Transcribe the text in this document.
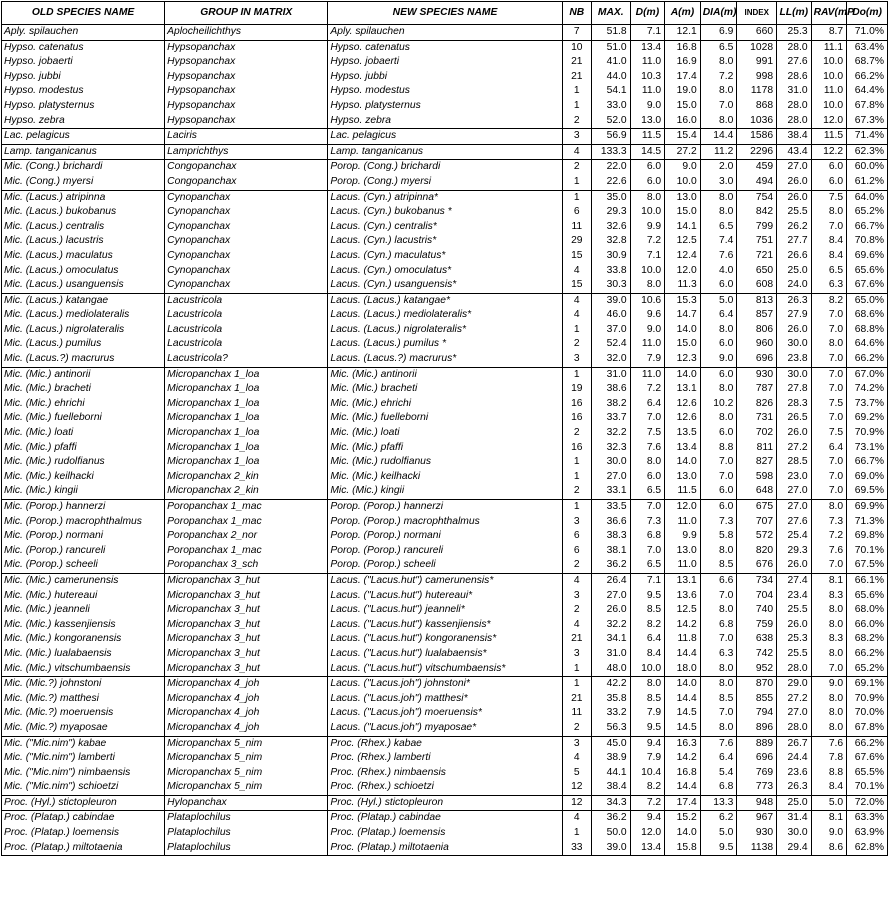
OLD SPECIES NAME	GROUP IN MATRIX	NEW SPECIES NAME	NB	MAX.	D(m)	A(m)	DIA(m)	INDEX	LL(m)	RAV(mP	Do(m)
Aply. spilauchen	Aplocheilichthys	Aply. spilauchen	7	51.8	7.1	12.1	6.9	660	25.3	8.7	71.0%
Hypso. catenatus	Hypsopanchax	Hypso. catenatus	10	51.0	13.4	16.8	6.5	1028	28.0	11.1	63.4%
Hypso. jobaerti	Hypsopanchax	Hypso. jobaerti	21	41.0	11.0	16.9	8.0	991	27.6	10.0	68.7%
Hypso. jubbi	Hypsopanchax	Hypso. jubbi	21	44.0	10.3	17.4	7.2	998	28.6	10.0	66.2%
Hypso. modestus	Hypsopanchax	Hypso. modestus	1	54.1	11.0	19.0	8.0	1178	31.0	11.0	64.4%
Hypso. platysternus	Hypsopanchax	Hypso. platysternus	1	33.0	9.0	15.0	7.0	868	28.0	10.0	67.8%
Hypso. zebra	Hypsopanchax	Hypso. zebra	2	52.0	13.0	16.0	8.0	1036	28.0	12.0	67.3%
Lac. pelagicus	Laciris	Lac. pelagicus	3	56.9	11.5	15.4	14.4	1586	38.4	11.5	71.4%
Lamp. tanganicanus	Lamprichthys	Lamp. tanganicanus	4	133.3	14.5	27.2	11.2	2296	43.4	12.2	62.3%
Mic. (Cong.) brichardi	Congopanchax	Porop. (Cong.) brichardi	2	22.0	6.0	9.0	2.0	459	27.0	6.0	60.0%
Mic. (Cong.) myersi	Congopanchax	Porop. (Cong.) myersi	1	22.6	6.0	10.0	3.0	494	26.0	6.0	61.2%
Mic. (Lacus.) atripinna	Cynopanchax	Lacus. (Cyn.) atripinna*	1	35.0	8.0	13.0	8.0	754	26.0	7.5	64.0%
Mic. (Lacus.) bukobanus	Cynopanchax	Lacus. (Cyn.) bukobanus *	6	29.3	10.0	15.0	8.0	842	25.5	8.0	65.2%
Mic. (Lacus.) centralis	Cynopanchax	Lacus. (Cyn.) centralis*	11	32.6	9.9	14.1	6.5	799	26.2	7.0	66.7%
Mic. (Lacus.) lacustris	Cynopanchax	Lacus. (Cyn.) lacustris*	29	32.8	7.2	12.5	7.4	751	27.7	8.4	70.8%
Mic. (Lacus.) maculatus	Cynopanchax	Lacus. (Cyn.) maculatus*	15	30.9	7.1	12.4	7.6	721	26.6	8.4	69.6%
Mic. (Lacus.) omoculatus	Cynopanchax	Lacus. (Cyn.) omoculatus*	4	33.8	10.0	12.0	4.0	650	25.0	6.5	65.6%
Mic. (Lacus.) usanguensis	Cynopanchax	Lacus. (Cyn.) usanguensis*	15	30.3	8.0	11.3	6.0	608	24.0	6.3	67.6%
Mic. (Lacus.) katangae	Lacustricola	Lacus. (Lacus.) katangae*	4	39.0	10.6	15.3	5.0	813	26.3	8.2	65.0%
Mic. (Lacus.) mediolateralis	Lacustricola	Lacus. (Lacus.) mediolateralis*	4	46.0	9.6	14.7	6.4	857	27.9	7.0	68.6%
Mic. (Lacus.) nigrolateralis	Lacustricola	Lacus. (Lacus.) nigrolateralis*	1	37.0	9.0	14.0	8.0	806	26.0	7.0	68.8%
Mic. (Lacus.) pumilus	Lacustricola	Lacus. (Lacus.) pumilus *	2	52.4	11.0	15.0	6.0	960	30.0	8.0	64.6%
Mic. (Lacus.?) macrurus	Lacustricola?	Lacus. (Lacus.?) macrurus*	3	32.0	7.9	12.3	9.0	696	23.8	7.0	66.2%
Mic. (Mic.) antinorii	Micropanchax 1_loa	Mic. (Mic.) antinorii	1	31.0	11.0	14.0	6.0	930	30.0	7.0	67.0%
Mic. (Mic.) bracheti	Micropanchax 1_loa	Mic. (Mic.) bracheti	19	38.6	7.2	13.1	8.0	787	27.8	7.0	74.2%
Mic. (Mic.) ehrichi	Micropanchax 1_loa	Mic. (Mic.) ehrichi	16	38.2	6.4	12.6	10.2	826	28.3	7.5	73.7%
Mic. (Mic.) fuelleborni	Micropanchax 1_loa	Mic. (Mic.) fuelleborni	16	33.7	7.0	12.6	8.0	731	26.5	7.0	69.2%
Mic. (Mic.) loati	Micropanchax 1_loa	Mic. (Mic.) loati	2	32.2	7.5	13.5	6.0	702	26.0	7.5	70.9%
Mic. (Mic.) pfaffi	Micropanchax 1_loa	Mic. (Mic.) pfaffi	16	32.3	7.6	13.4	8.8	811	27.2	6.4	73.1%
Mic. (Mic.) rudolfianus	Micropanchax 1_loa	Mic. (Mic.) rudolfianus	1	30.0	8.0	14.0	7.0	827	28.5	7.0	66.7%
Mic. (Mic.) keilhacki	Micropanchax 2_kin	Mic. (Mic.) keilhacki	1	27.0	6.0	13.0	7.0	598	23.0	7.0	69.0%
Mic. (Mic.) kingii	Micropanchax 2_kin	Mic. (Mic.) kingii	2	33.1	6.5	11.5	6.0	648	27.0	7.0	69.5%
Mic. (Porop.) hannerzi	Poropanchax 1_mac	Porop. (Porop.) hannerzi	1	33.5	7.0	12.0	6.0	675	27.0	8.0	69.9%
Mic. (Porop.) macrophthalmus	Poropanchax 1_mac	Porop. (Porop.) macrophthalmus	3	36.6	7.3	11.0	7.3	707	27.6	7.3	71.3%
Mic. (Porop.) normani	Poropanchax 2_nor	Porop. (Porop.) normani	6	38.3	6.8	9.9	5.8	572	25.4	7.2	69.8%
Mic. (Porop.) rancureli	Poropanchax 1_mac	Porop. (Porop.) rancureli	6	38.1	7.0	13.0	8.0	820	29.3	7.6	70.1%
Mic. (Porop.) scheeli	Poropanchax 3_sch	Porop. (Porop.) scheeli	2	36.2	6.5	11.0	8.5	676	26.0	7.0	67.5%
Mic. (Mic.) camerunensis	Micropanchax 3_hut	Lacus. ("Lacus.hut") camerunensis*	4	26.4	7.1	13.1	6.6	734	27.4	8.1	66.1%
Mic. (Mic.) hutereaui	Micropanchax 3_hut	Lacus. ("Lacus.hut") hutereaui*	3	27.0	9.5	13.6	7.0	704	23.4	8.3	65.6%
Mic. (Mic.) jeanneli	Micropanchax 3_hut	Lacus. ("Lacus.hut") jeanneli*	2	26.0	8.5	12.5	8.0	740	25.5	8.0	68.0%
Mic. (Mic.) kassenjiensis	Micropanchax 3_hut	Lacus. ("Lacus.hut") kassenjiensis*	4	32.2	8.2	14.2	6.8	759	26.0	8.0	66.0%
Mic. (Mic.) kongoranensis	Micropanchax 3_hut	Lacus. ("Lacus.hut") kongoranensis*	21	34.1	6.4	11.8	7.0	638	25.3	8.3	68.2%
Mic. (Mic.) lualabaensis	Micropanchax 3_hut	Lacus. ("Lacus.hut") lualabaensis*	3	31.0	8.4	14.4	6.3	742	25.5	8.0	66.2%
Mic. (Mic.) vitschumbaensis	Micropanchax 3_hut	Lacus. ("Lacus.hut") vitschumbaensis*	1	48.0	10.0	18.0	8.0	952	28.0	7.0	65.2%
Mic. (Mic.?) johnstoni	Micropanchax 4_joh	Lacus. ("Lacus.joh") johnstoni*	1	42.2	8.0	14.0	8.0	870	29.0	9.0	69.1%
Mic. (Mic.?) matthesi	Micropanchax 4_joh	Lacus. ("Lacus.joh") matthesi*	21	35.8	8.5	14.4	8.5	855	27.2	8.0	70.9%
Mic. (Mic.?) moeruensis	Micropanchax 4_joh	Lacus. ("Lacus.joh") moeruensis*	11	33.2	7.9	14.5	7.0	794	27.0	8.0	70.0%
Mic. (Mic.?) myaposae	Micropanchax 4_joh	Lacus. ("Lacus.joh") myaposae*	2	56.3	9.5	14.5	8.0	896	28.0	8.0	67.8%
Mic. ("Mic.nim") kabae	Micropanchax 5_nim	Proc. (Rhex.) kabae	3	45.0	9.4	16.3	7.6	889	26.7	7.6	66.2%
Mic. ("Mic.nim") lamberti	Micropanchax 5_nim	Proc. (Rhex.) lamberti	4	38.9	7.9	14.2	6.4	696	24.4	7.8	67.6%
Mic. ("Mic.nim") nimbaensis	Micropanchax 5_nim	Proc. (Rhex.) nimbaensis	5	44.1	10.4	16.8	5.4	769	23.6	8.8	65.5%
Mic. ("Mic.nim") schioetzi	Micropanchax 5_nim	Proc. (Rhex.) schioetzi	12	38.4	8.2	14.4	6.8	773	26.3	8.4	70.1%
Proc. (Hyl.) stictopleuron	Hylopanchax	Proc. (Hyl.) stictopleuron	12	34.3	7.2	17.4	13.3	948	25.0	5.0	72.0%
Proc. (Platap.) cabindae	Plataplochilus	Proc. (Platap.) cabindae	4	36.2	9.4	15.2	6.2	967	31.4	8.1	63.3%
Proc. (Platap.) loemensis	Plataplochilus	Proc. (Platap.) loemensis	1	50.0	12.0	14.0	5.0	930	30.0	9.0	63.9%
Proc. (Platap.) miltotaenia	Plataplochilus	Proc. (Platap.) miltotaenia	33	39.0	13.4	15.8	9.5	1138	29.4	8.6	62.8%
